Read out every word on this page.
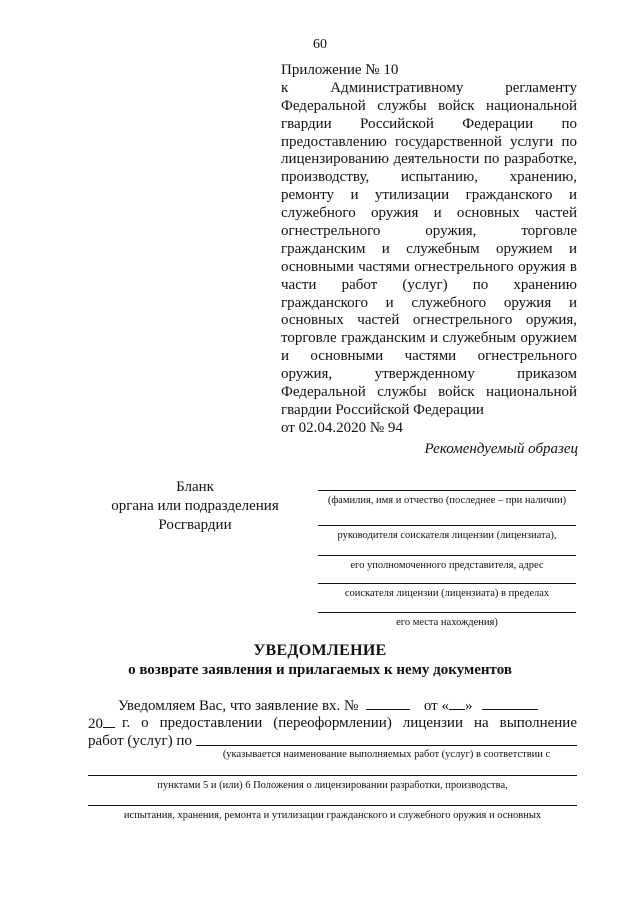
60
Приложение № 10
к Административному регламенту
Федеральной службы войск национальной
гвардии Российской Федерации по
предоставлению государственной услуги по
лицензированию деятельности по разработке,
производству, испытанию, хранению,
ремонту и утилизации гражданского и
служебного оружия и основных частей
огнестрельного оружия, торговле
гражданским и служебным оружием и
основными частями огнестрельного оружия в
части работ (услуг) по хранению
гражданского и служебного оружия и
основных частей огнестрельного оружия,
торговле гражданским и служебным оружием
и основными частями огнестрельного
оружия, утвержденному приказом
Федеральной службы войск национальной
гвардии Российской Федерации
от 02.04.2020 № 94
Рекомендуемый образец
Бланк
органа или подразделения
Росгвардии
(фамилия, имя и отчество (последнее – при наличии)
руководителя соискателя лицензии (лицензиата),
его уполномоченного представителя, адрес
соискателя лицензии (лицензиата) в пределах
его места нахождения)
УВЕДОМЛЕНИЕ
о возврате заявления и прилагаемых к нему документов
Уведомляем Вас, что заявление вх. №	от « »
20	г. о предоставлении (переоформлении) лицензии на выполнение
работ (услуг) по
(указывается наименование выполняемых работ (услуг) в соответствии с
пунктами 5 и (или) 6 Положения о лицензировании разработки, производства,
испытания, хранения, ремонта и утилизации гражданского и служебного оружия и основных
